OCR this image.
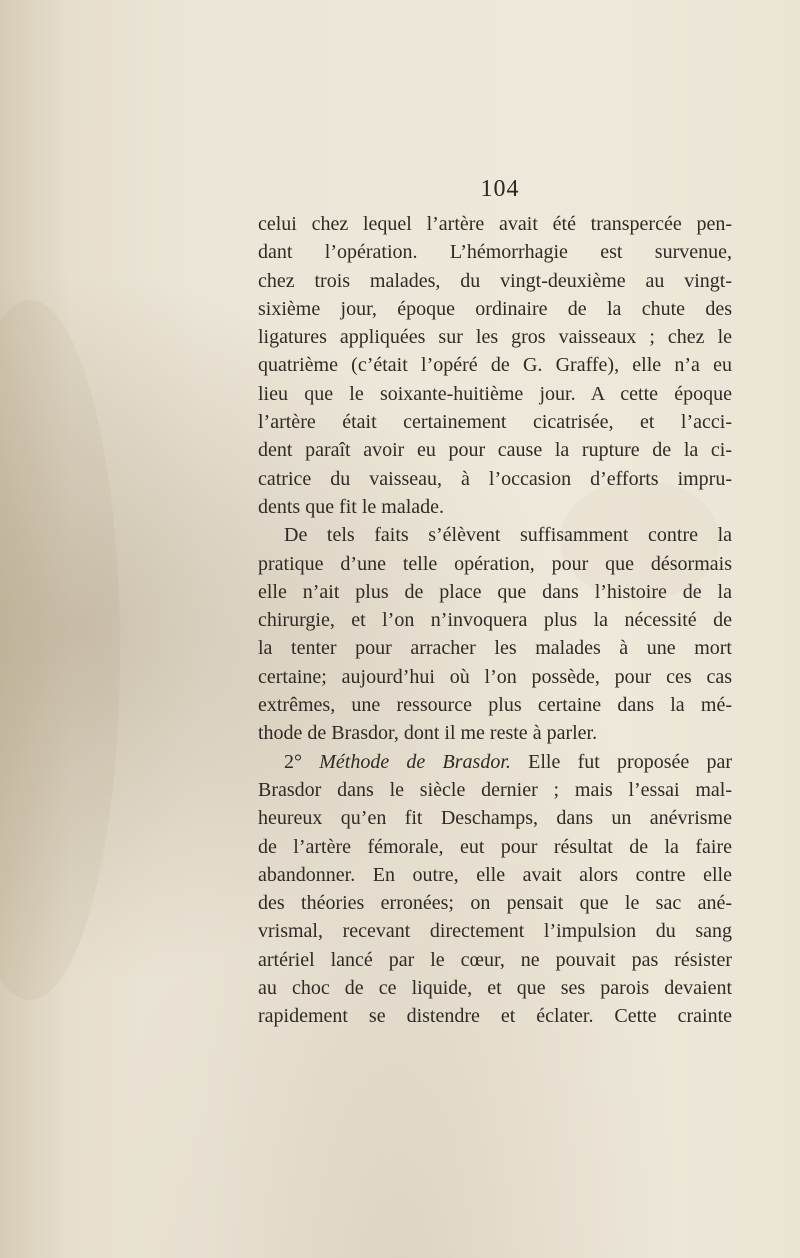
104
celui chez lequel l’artère avait été transpercée pen-
dant l’opération. L’hémorrhagie est survenue,
chez trois malades, du vingt-deuxième au vingt-
sixième jour, époque ordinaire de la chute des
ligatures appliquées sur les gros vaisseaux ; chez le
quatrième (c’était l’opéré de G. Graffe), elle n’a eu
lieu que le soixante-huitième jour. A cette époque
l’artère était certainement cicatrisée, et l’acci-
dent paraît avoir eu pour cause la rupture de la ci-
catrice du vaisseau, à l’occasion d’efforts impru-
dents que fit le malade.
De tels faits s’élèvent suffisamment contre la
pratique d’une telle opération, pour que désormais
elle n’ait plus de place que dans l’histoire de la
chirurgie, et l’on n’invoquera plus la nécessité de
la tenter pour arracher les malades à une mort
certaine; aujourd’hui où l’on possède, pour ces cas
extrêmes, une ressource plus certaine dans la mé-
thode de Brasdor, dont il me reste à parler.
2° Méthode de Brasdor. Elle fut proposée par
Brasdor dans le siècle dernier ; mais l’essai mal-
heureux qu’en fit Deschamps, dans un anévrisme
de l’artère fémorale, eut pour résultat de la faire
abandonner. En outre, elle avait alors contre elle
des théories erronées; on pensait que le sac ané-
vrismal, recevant directement l’impulsion du sang
artériel lancé par le cœur, ne pouvait pas résister
au choc de ce liquide, et que ses parois devaient
rapidement se distendre et éclater. Cette crainte
